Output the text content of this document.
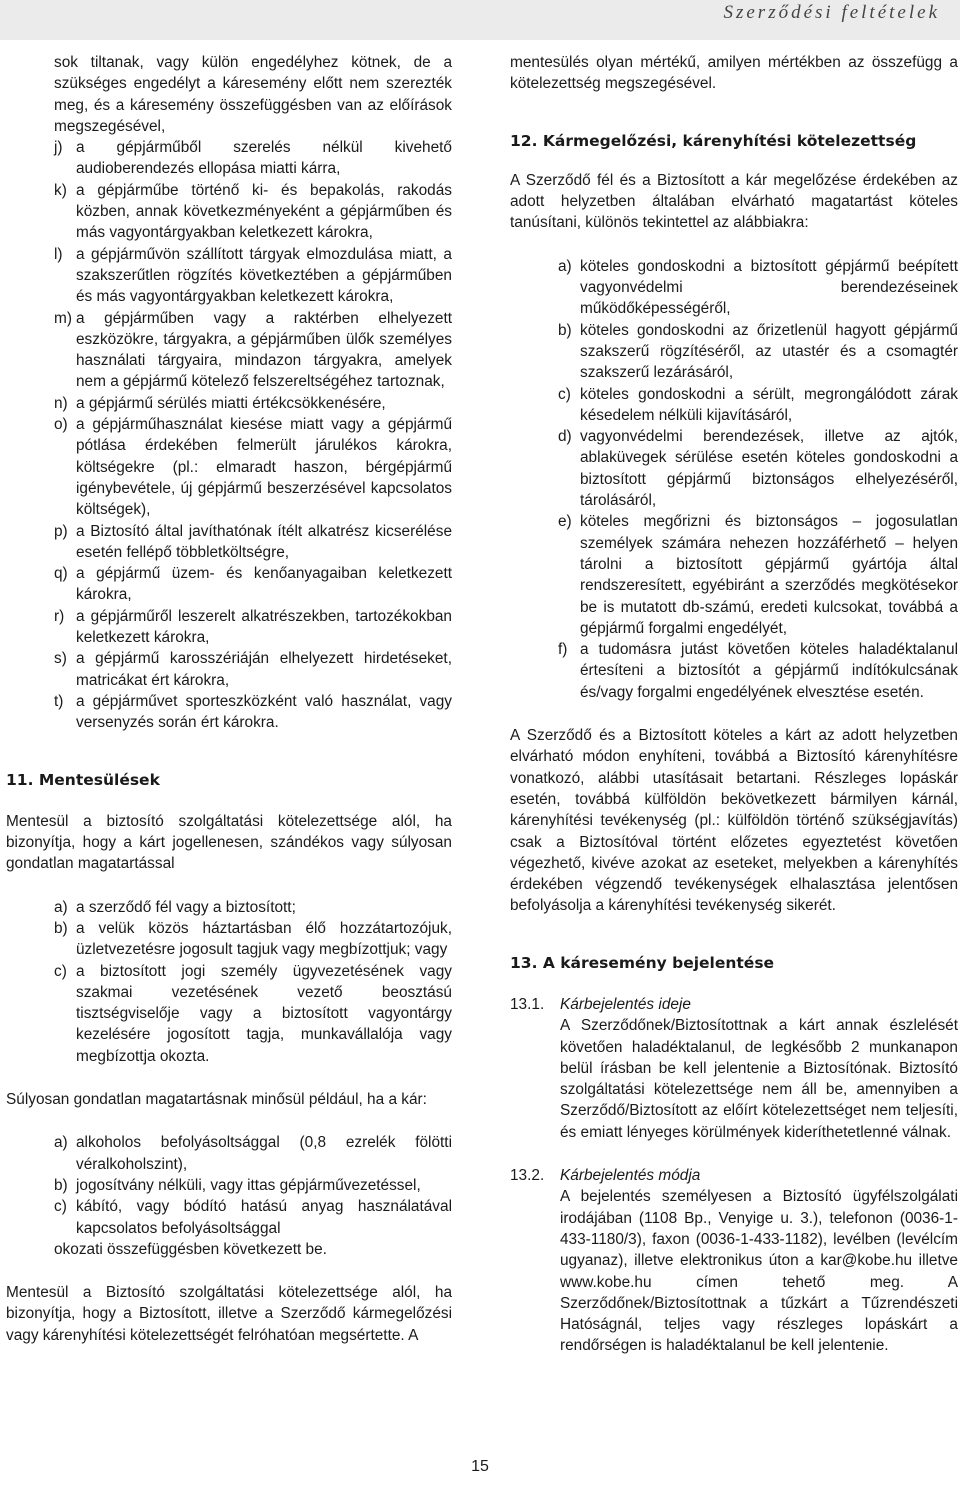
Szerződési feltételek

sok tiltanak, vagy külön engedélyhez kötnek, de a szükséges engedélyt a káresemény előtt nem szerezték meg, és a káresemény összefüggésben van az előírások megszegésével,

j) a gépjárműből szerelés nélkül kivehető audioberendezés ellopása miatti kárra,
k) a gépjárműbe történő ki- és bepakolás, rakodás közben, annak következményeként a gépjárműben és más vagyontárgyakban keletkezett károkra,
l) a gépjárművön szállított tárgyak elmozdulása miatt, a szakszerűtlen rögzítés következtében a gépjárműben és más vagyontárgyakban keletkezett károkra,
m) a gépjárműben vagy a raktérben elhelyezett eszközökre, tárgyakra, a gépjárműben ülők személyes használati tárgyaira, mindazon tárgyakra, amelyek nem a gépjármű kötelező felszereltségéhez tartoznak,
n) a gépjármű sérülés miatti értékcsökkenésére,
o) a gépjárműhasználat kiesése miatt vagy a gépjármű pótlása érdekében felmerült járulékos károkra, költségekre (pl.: elmaradt haszon, bérgépjármű igénybevétele, új gépjármű beszerzésével kapcsolatos költségek),
p) a Biztosító által javíthatónak ítélt alkatrész kicserélése esetén fellépő többletköltségre,
q) a gépjármű üzem- és kenőanyagaiban keletkezett károkra,
r) a gépjárműről leszerelt alkatrészekben, tartozékokban keletkezett károkra,
s) a gépjármű karosszériáján elhelyezett hirdetéseket, matricákat ért károkra,
t) a gépjárművet sporteszközként való használat, vagy versenyzés során ért károkra.
11. Mentesülések

Mentesül a biztosító szolgáltatási kötelezettsége alól, ha bizonyítja, hogy a kárt jogellenesen, szándékos vagy súlyosan gondatlan magatartással

a) a szerződő fél vagy a biztosított;
b) a velük közös háztartásban élő hozzátartozójuk, üzletvezetésre jogosult tagjuk vagy megbízottjuk; vagy
c) a biztosított jogi személy ügyvezetésének vagy szakmai vezetésének vezető beosztású tisztségviselője vagy a biztosított vagyontárgy kezelésére jogosított tagja, munkavállalója vagy megbízottja okozta.

Súlyosan gondatlan magatartásnak minősül például, ha a kár:

a) alkoholos befolyásoltsággal (0,8 ezrelék fölötti véralkoholszint),
b) jogosítvány nélküli, vagy ittas gépjárművezetéssel,
c) kábító, vagy bódító hatású anyag használatával kapcsolatos befolyásoltsággal

okozati összefüggésben következett be.

Mentesül a Biztosító szolgáltatási kötelezettsége alól, ha bizonyítja, hogy a Biztosított, illetve a Szerződő kármegelőzési vagy kárenyhítési kötelezettségét felróhatóan megsértette. A

mentesülés olyan mértékű, amilyen mértékben az összefügg a kötelezettség megszegésével.

12. Kármegelőzési, kárenyhítési kötelezettség

A Szerződő fél és a Biztosított a kár megelőzése érdekében az adott helyzetben általában elvárható magatartást köteles tanúsítani, különös tekintettel az alábbiakra:

a) köteles gondoskodni a biztosított gépjármű beépített vagyonvédelmi berendezéseinek működőképességéről,
b) köteles gondoskodni az őrizetlenül hagyott gépjármű szakszerű rögzítéséről, az utastér és a csomagtér szakszerű lezárásáról,
c) köteles gondoskodni a sérült, megrongálódott zárak késedelem nélküli kijavításáról,
d) vagyonvédelmi berendezések, illetve az ajtók, ablaküvegek sérülése esetén köteles gondoskodni a biztosított gépjármű biztonságos elhelyezéséről, tárolásáról,
e) köteles megőrizni és biztonságos – jogosulatlan személyek számára nehezen hozzáférhető – helyen tárolni a biztosított gépjármű gyártója által rendszeresített, egyébiránt a szerződés megkötésekor be is mutatott db-számú, eredeti kulcsokat, továbbá a gépjármű forgalmi engedélyét,
f) a tudomásra jutást követően köteles haladéktalanul értesíteni a biztosítót a gépjármű indítókulcsának és/vagy forgalmi engedélyének elvesztése esetén.

A Szerződő és a Biztosított köteles a kárt az adott helyzetben elvárható módon enyhíteni, továbbá a Biztosító kárenyhítésre vonatkozó, alábbi utasításait betartani. Részleges lopáskár esetén, továbbá külföldön bekövetkezett bármilyen kárnál, kárenyhítési tevékenység (pl.: külföldön történő szükségjavítás) csak a Biztosítóval történt előzetes egyeztetést követően végezhető, kivéve azokat az eseteket, melyekben a kárenyhítés érdekében végzendő tevékenységek elhalasztása jelentősen befolyásolja a kárenyhítési tevékenység sikerét.

13. A káresemény bejelentése
13.1.	Kárbejelentés ideje

A Szerződőnek/Biztosítottnak a kárt annak észlelését követően haladéktalanul, de legkésőbb 2 munkanapon belül írásban be kell jelentenie a Biztosítónak. Biztosító szolgáltatási kötelezettsége nem áll be, amennyiben a Szerződő/Biztosított az előírt kötelezettséget nem teljesíti, és emiatt lényeges körülmények kideríthetetlenné válnak.

13.2.	Kárbejelentés módja

A bejelentés személyesen a Biztosító ügyfélszolgálati irodájában (1108 Bp., Venyige u. 3.), telefonon (0036-1-433-1180/3), faxon (0036-1-433-1182), levélben (levélcím ugyanaz), illetve elektronikus úton a kar@kobe.hu illetve www.kobe.hu címen tehető meg. A Szerződőnek/Biztosítottnak a tűzkárt a Tűzrendészeti Hatóságnál, teljes vagy részleges lopáskárt a rendőrségen is haladéktalanul be kell jelentenie.

15
